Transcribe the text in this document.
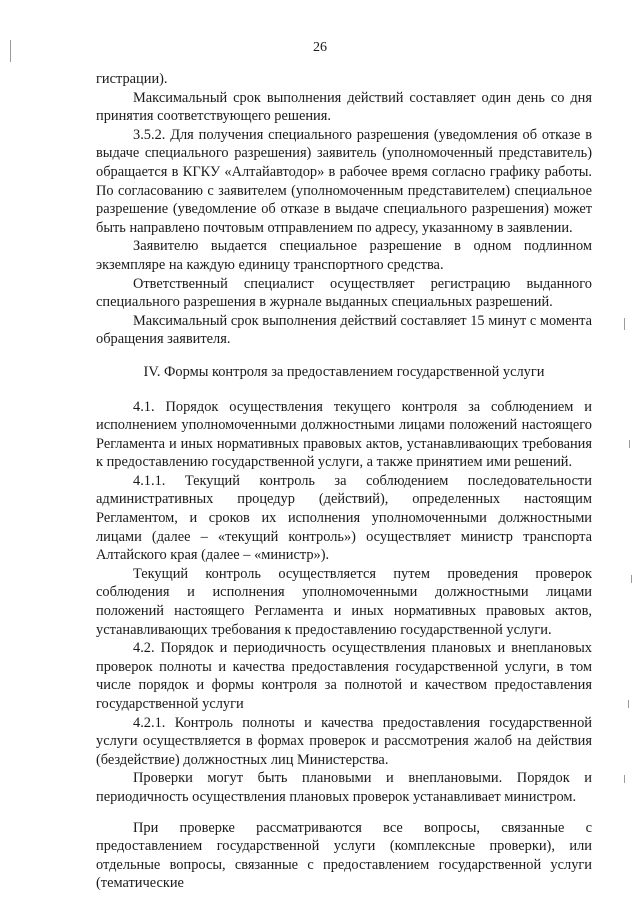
26

гистрации).

Максимальный срок выполнения действий составляет один день со дня принятия соответствующего решения.

3.5.2. Для получения специального разрешения (уведомления об отказе в выдаче специального разрешения) заявитель (уполномоченный представитель) обращается в КГКУ «Алтайавтодор» в рабочее время согласно графику работы. По согласованию с заявителем (уполномоченным представителем) специальное разрешение (уведомление об отказе в выдаче специального разрешения) может быть направлено почтовым отправлением по адресу, указанному в заявлении.

Заявителю выдается специальное разрешение в одном подлинном экземпляре на каждую единицу транспортного средства.

Ответственный специалист осуществляет регистрацию выданного специального разрешения в журнале выданных специальных разрешений.

Максимальный срок выполнения действий составляет 15 минут с момента обращения заявителя.

IV. Формы контроля за предоставлением государственной услуги

4.1. Порядок осуществления текущего контроля за соблюдением и исполнением уполномоченными должностными лицами положений настоящего Регламента и иных нормативных правовых актов, устанавливающих требования к предоставлению государственной услуги, а также принятием ими решений.

4.1.1. Текущий контроль за соблюдением последовательности административных процедур (действий), определенных настоящим Регламентом, и сроков их исполнения уполномоченными должностными лицами (далее – «текущий контроль») осуществляет министр транспорта Алтайского края (далее – «министр»).

Текущий контроль осуществляется путем проведения проверок соблюдения и исполнения уполномоченными должностными лицами положений настоящего Регламента и иных нормативных правовых актов, устанавливающих требования к предоставлению государственной услуги.

4.2. Порядок и периодичность осуществления плановых и внеплановых проверок полноты и качества предоставления государственной услуги, в том числе порядок и формы контроля за полнотой и качеством предоставления государственной услуги

4.2.1. Контроль полноты и качества предоставления государственной услуги осуществляется в формах проверок и рассмотрения жалоб на действия (бездействие) должностных лиц Министерства.

Проверки могут быть плановыми и внеплановыми. Порядок и периодичность осуществления плановых проверок устанавливает министром.

При проверке рассматриваются все вопросы, связанные с предоставлением государственной услуги (комплексные проверки), или отдельные вопросы, связанные с предоставлением государственной услуги (тематические
